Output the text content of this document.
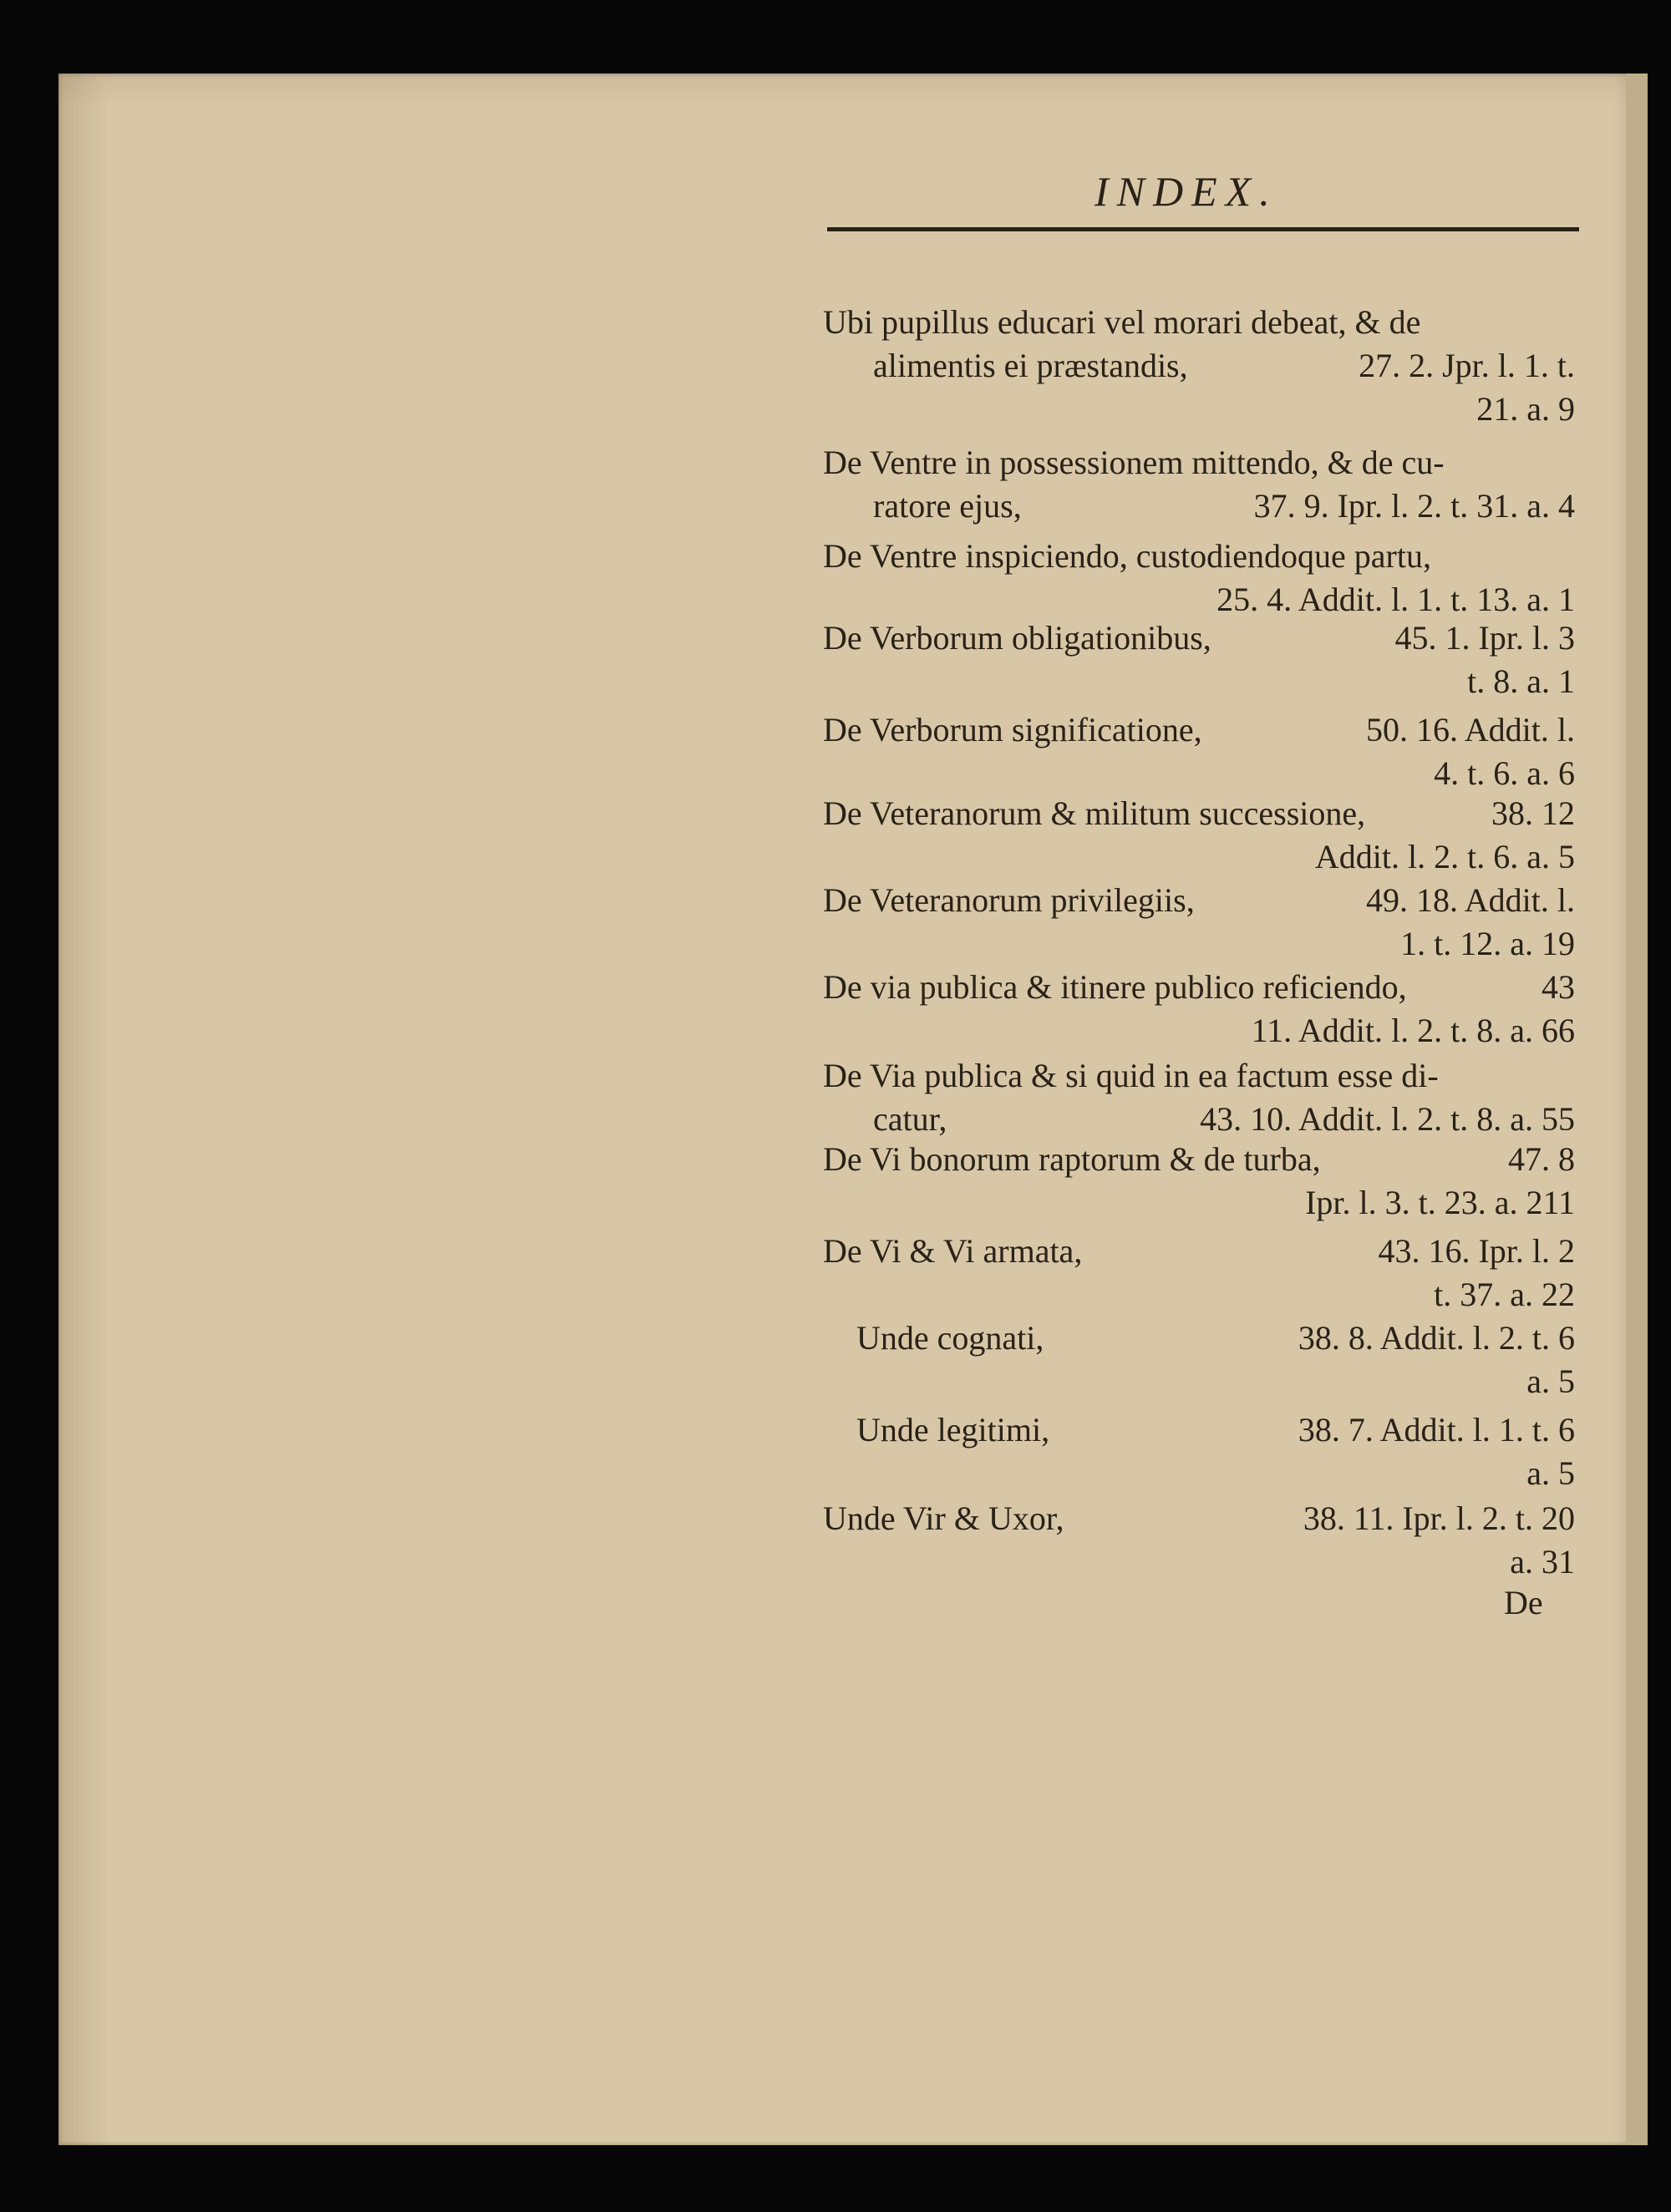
INDEX.
Ubi pupillus educari vel morari debeat, & de
alimentis ei præstandis,	27. 2. Jpr. l. 1. t.
21. a. 9
De Ventre in possessionem mittendo, & de cu-
ratore ejus,	37. 9. Ipr. l. 2. t. 31. a. 4
De Ventre inspiciendo, custodiendoque partu,
25. 4. Addit. l. 1. t. 13. a. 1
De Verborum obligationibus,	45. 1. Ipr. l. 3
t. 8. a. 1
De Verborum significatione,	50. 16. Addit. l.
4. t. 6. a. 6
De Veteranorum & militum successione,	38. 12
Addit. l. 2. t. 6. a. 5
De Veteranorum privilegiis,	49. 18. Addit. l.
1. t. 12. a. 19
De via publica & itinere publico reficiendo,	43
11. Addit. l. 2. t. 8. a. 66
De Via publica & si quid in ea factum esse di-
catur,	43. 10. Addit. l. 2. t. 8. a. 55
De Vi bonorum raptorum & de turba,	47. 8
Ipr. l. 3. t. 23. a. 211
De Vi & Vi armata,	43. 16. Ipr. l. 2
t. 37. a. 22
Unde cognati,	38. 8. Addit. l. 2. t. 6
a. 5
Unde legitimi,	38. 7. Addit. l. 1. t. 6
a. 5
Unde Vir & Uxor,	38. 11. Ipr. l. 2. t. 20
a. 31
De
